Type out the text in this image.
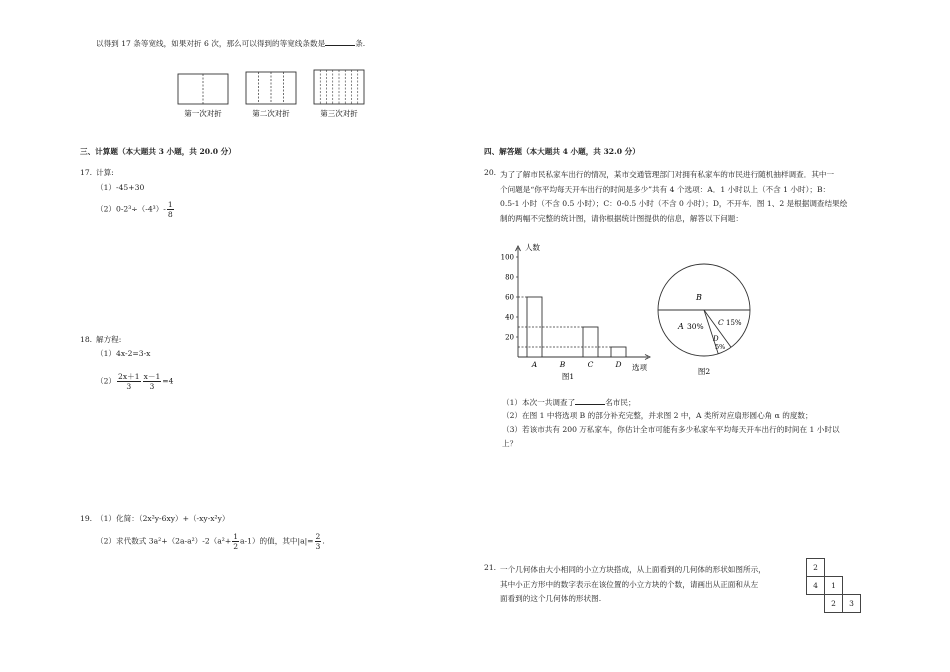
以得到 17 条等宽线，如果对折 6 次，那么可以得到的等宽线条数是	条.
第一次对折	第二次对折	第三次对折
三、计算题（本大题共 3 小题，共 20.0 分）
17. 计算:
（1）-45+30
$(2)0-2^3\div(-4^3)- \frac{1}{8}$
18. 解方程:
（1）4x-2=3-x
$(2) \frac{2x+1}{3} \frac{x-1}{3} =4$
19. （1）化简：（2x²y-6xy）+（-xy-x²y）
（2）求代数式 $3a^2+(2a-a^2)-2(a^2+ \frac{1}{2} a-1)$的值，其中$|a|= \frac{2}{3}$ .
四、解答题（本大题共 4 小题，共 32.0 分）
20. 为了了解市民私家车出行的情况，某市交通管理部门对拥有私家车的市民进行随机抽样调查．其中一
个问题是“你平均每天开车出行的时间是多少”共有 4 个选项：A．1 小时以上（不含 1 小时）；B：
0.5-1 小时（不含 0.5 小时）；C：0-0.5 小时（不含 0 小时）；D，不开车．图 1、2 是根据调查结果绘
制的两幅不完整的统计图，请你根据统计图提供的信息，解答以下问题：
100
80
60
40
20
A	B	C	D
人数
选项
图1
B
A 30% C 15%
D
5%
图2
（1）本次一共调查了	名市民；
（2）在图 1 中将选项 B 的部分补充完整，并求图 2 中，A 类所对应扇形圆心角 α 的度数；
（3）若该市共有 200 万私家车，你估计全市可能有多少私家车平均每天开车出行的时间在 1 小时以
上？
21. 一个几何体由大小相同的小立方块搭成，从上面看到的几何体的形状如图所示，
其中小正方形中的数字表示在该位置的小立方块的个数，请画出从正面和从左
面看到的这个几何体的形状图.
2		
4	1	
	2	3
